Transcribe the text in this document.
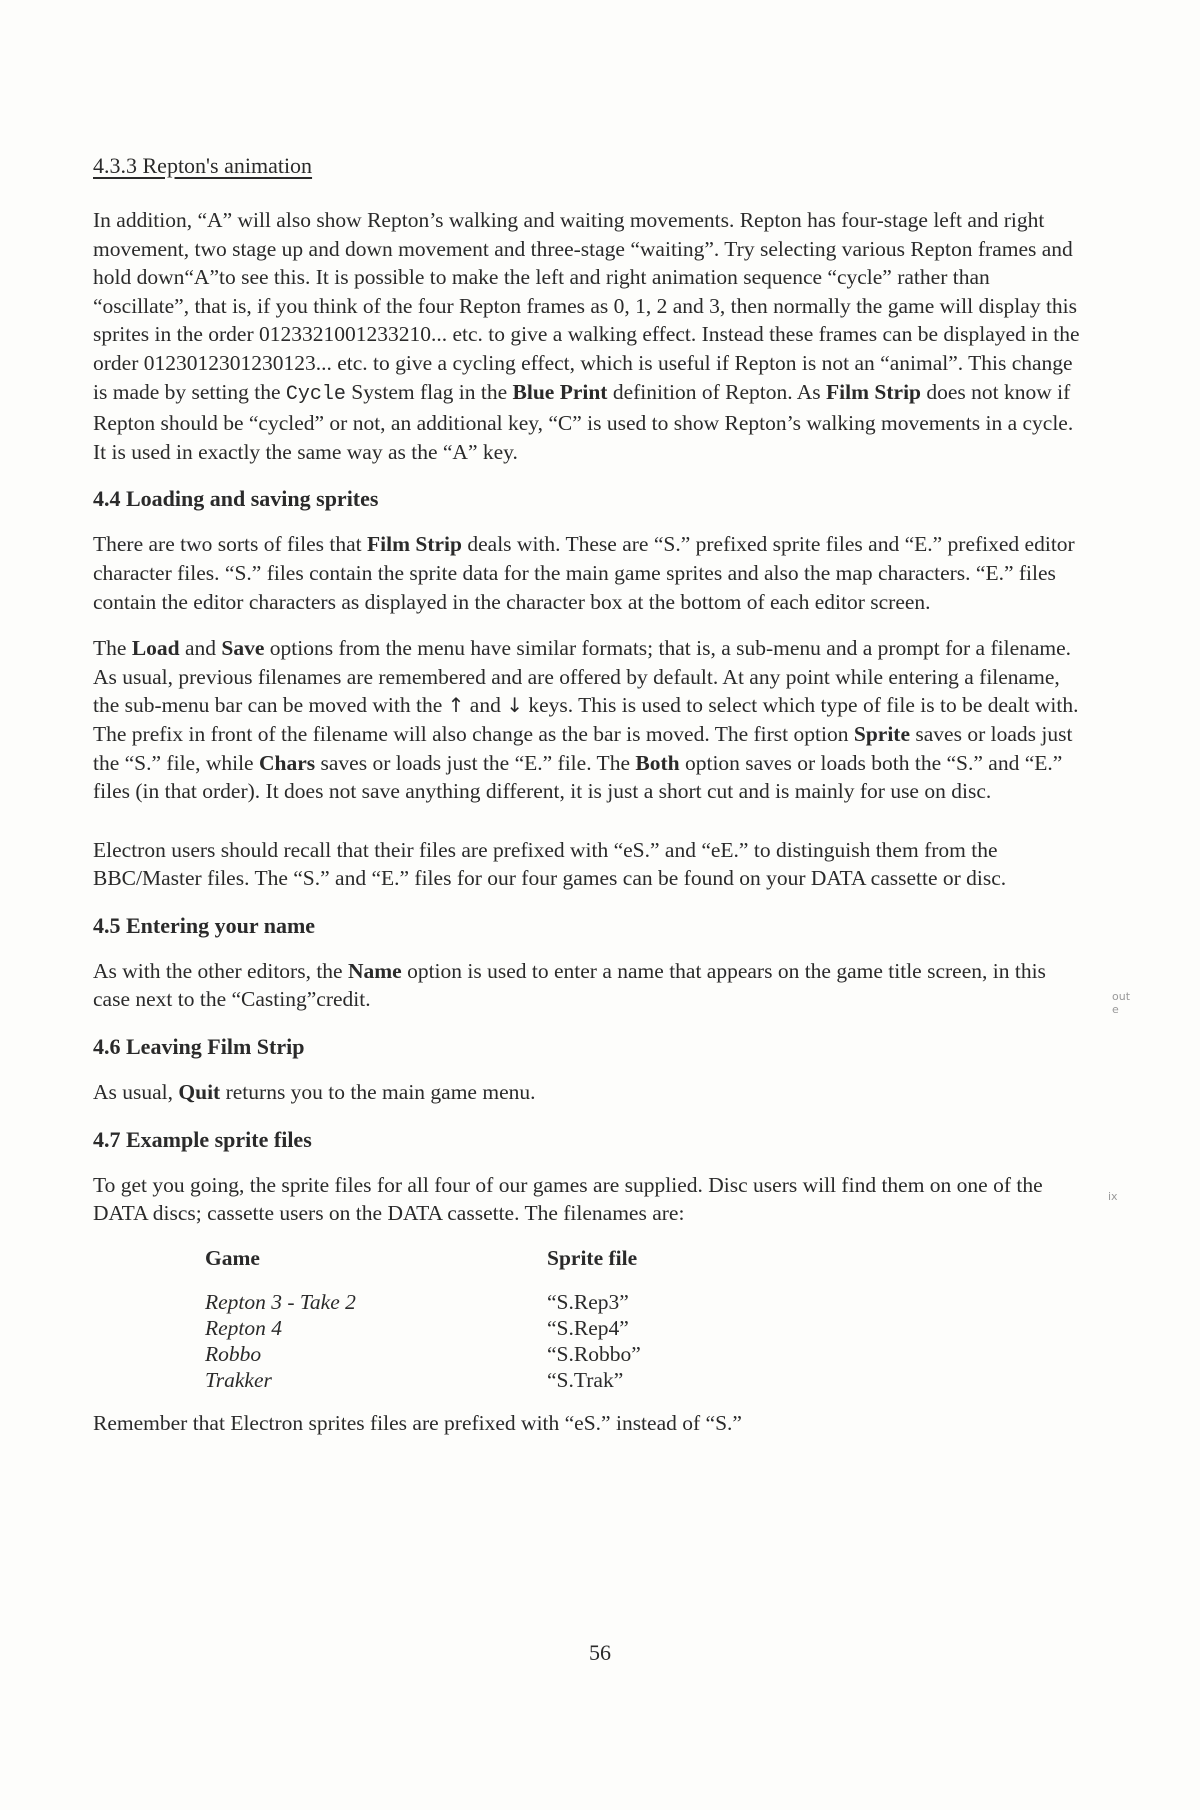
4.3.3 Repton's animation

In addition, “A” will also show Repton’s walking and waiting movements. Repton has four-stage left and right movement, two stage up and down movement and three-stage “waiting”. Try selecting various Repton frames and hold down“A”to see this. It is possible to make the left and right animation sequence “cycle” rather than “oscillate”, that is, if you think of the four Repton frames as 0, 1, 2 and 3, then normally the game will display this sprites in the order 0123321001233210... etc. to give a walking effect. Instead these frames can be displayed in the order 0123012301230123... etc. to give a cycling effect, which is useful if Repton is not an “animal”. This change is made by setting the Cycle System flag in the Blue Print definition of Repton. As Film Strip does not know if Repton should be “cycled” or not, an additional key, “C” is used to show Repton’s walking movements in a cycle. It is used in exactly the same way as the “A” key.

4.4 Loading and saving sprites

There are two sorts of files that Film Strip deals with. These are “S.” prefixed sprite files and “E.” prefixed editor character files. “S.” files contain the sprite data for the main game sprites and also the map characters. “E.” files contain the editor characters as displayed in the character box at the bottom of each editor screen.

The Load and Save options from the menu have similar formats; that is, a sub-menu and a prompt for a filename. As usual, previous filenames are remembered and are offered by default. At any point while entering a filename, the sub-menu bar can be moved with the ↑ and ↓ keys. This is used to select which type of file is to be dealt with. The prefix in front of the filename will also change as the bar is moved. The first option Sprite saves or loads just the “S.” file, while Chars saves or loads just the “E.” file. The Both option saves or loads both the “S.” and “E.” files (in that order). It does not save anything different, it is just a short cut and is mainly for use on disc.

Electron users should recall that their files are prefixed with “eS.” and “eE.” to distinguish them from the BBC/Master files. The “S.” and “E.” files for our four games can be found on your DATA cassette or disc.

4.5 Entering your name

As with the other editors, the Name option is used to enter a name that appears on the game title screen, in this case next to the “Casting”credit.

4.6 Leaving Film Strip

As usual, Quit returns you to the main game menu.

4.7 Example sprite files

To get you going, the sprite files for all four of our games are supplied. Disc users will find them on one of the DATA discs; cassette users on the DATA cassette. The filenames are:

Game	Sprite file
Repton 3 - Take 2	“S.Rep3”
Repton 4	“S.Rep4”
Robbo	“S.Robbo”
Trakker	“S.Trak”

Remember that Electron sprites files are prefixed with “eS.” instead of “S.”

56
out
e
ix
